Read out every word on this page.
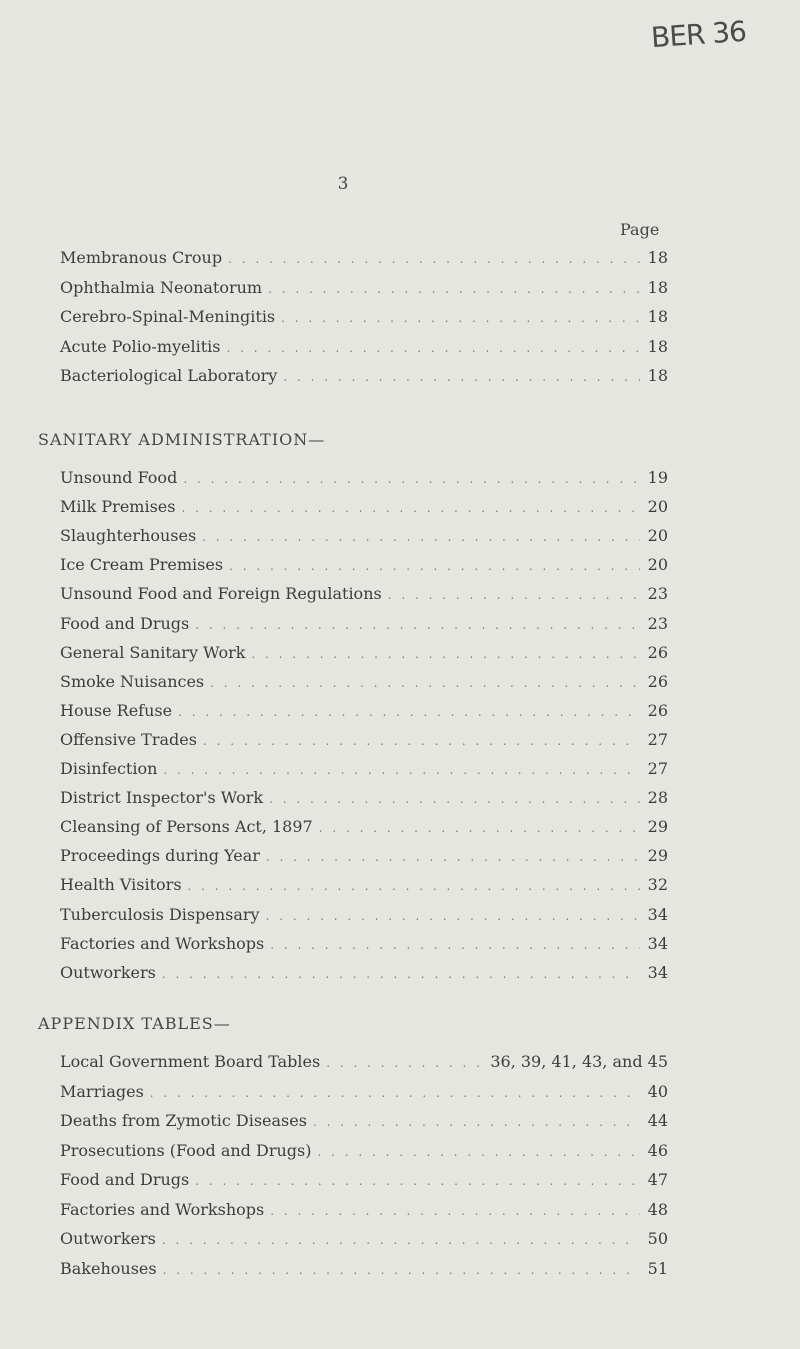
BER 36
3
Page
Membranous Croup . . .	18
Ophthalmia Neonatorum . . .	18
Cerebro-Spinal-Meningitis . . .	18
Acute Polio-myelitis . . .	18
Bacteriological Laboratory . . .	18
SANITARY ADMINISTRATION—
Unsound Food . . .	19
Milk Premises . . .	20
Slaughterhouses . . .	20
Ice Cream Premises . . .	20
Unsound Food and Foreign Regulations . . .	23
Food and Drugs . . .	23
General Sanitary Work . . .	26
Smoke Nuisances . . .	26
House Refuse . . .	26
Offensive Trades . . .	27
Disinfection . . .	27
District Inspector's Work . . .	28
Cleansing of Persons Act, 1897 . . .	29
Proceedings during Year . . .	29
Health Visitors . . .	32
Tuberculosis Dispensary . . .	34
Factories and Workshops . . .	34
Outworkers . . .	34
APPENDIX TABLES—
Local Government Board Tables . . .	36, 39, 41, 43, and 45
Marriages . . .	40
Deaths from Zymotic Diseases . . .	44
Prosecutions (Food and Drugs) . . .	46
Food and Drugs . . .	47
Factories and Workshops . . .	48
Outworkers . . .	50
Bakehouses . . .	51
